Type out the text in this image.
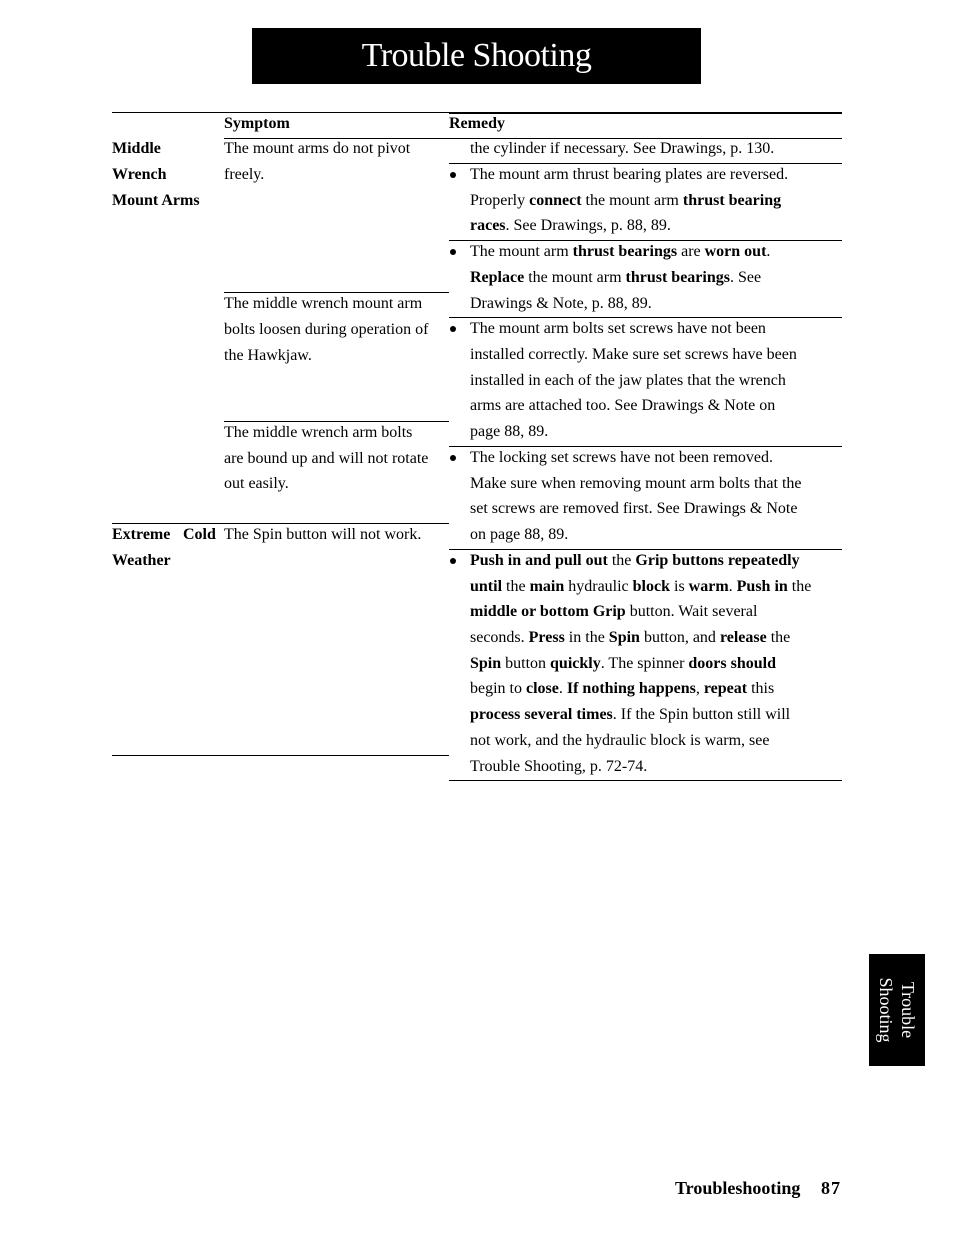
Trouble Shooting
Symptom	Remedy
Middle
Wrench
Mount Arms
The mount arms do not pivot
freely.
The middle wrench mount arm
bolts loosen during operation of
the Hawkjaw.
The middle wrench arm bolts
are bound up and will not rotate
out easily.
Extreme Cold
Weather
The Spin button will not work.
the cylinder if necessary. See Drawings, p. 130.
The mount arm thrust bearing plates are reversed.
Properly connect the mount arm thrust bearing
races. See Drawings, p. 88, 89.
The mount arm thrust bearings are worn out.
Replace the mount arm thrust bearings. See
Drawings & Note, p. 88, 89.
The mount arm bolts set screws have not been
installed correctly. Make sure set screws have been
installed in each of the jaw plates that the wrench
arms are attached too. See Drawings & Note on
page 88, 89.
The locking set screws have not been removed.
Make sure when removing mount arm bolts that the
set screws are removed first. See Drawings & Note
on page 88, 89.
Push in and pull out the Grip buttons repeatedly
until the main hydraulic block is warm. Push in the
middle or bottom Grip button. Wait several
seconds. Press in the Spin button, and release the
Spin button quickly. The spinner doors should
begin to close. If nothing happens, repeat this
process several times. If the Spin button still will
not work, and the hydraulic block is warm, see
Trouble Shooting, p. 72-74.
Trouble
Shooting
Troubleshooting 87
